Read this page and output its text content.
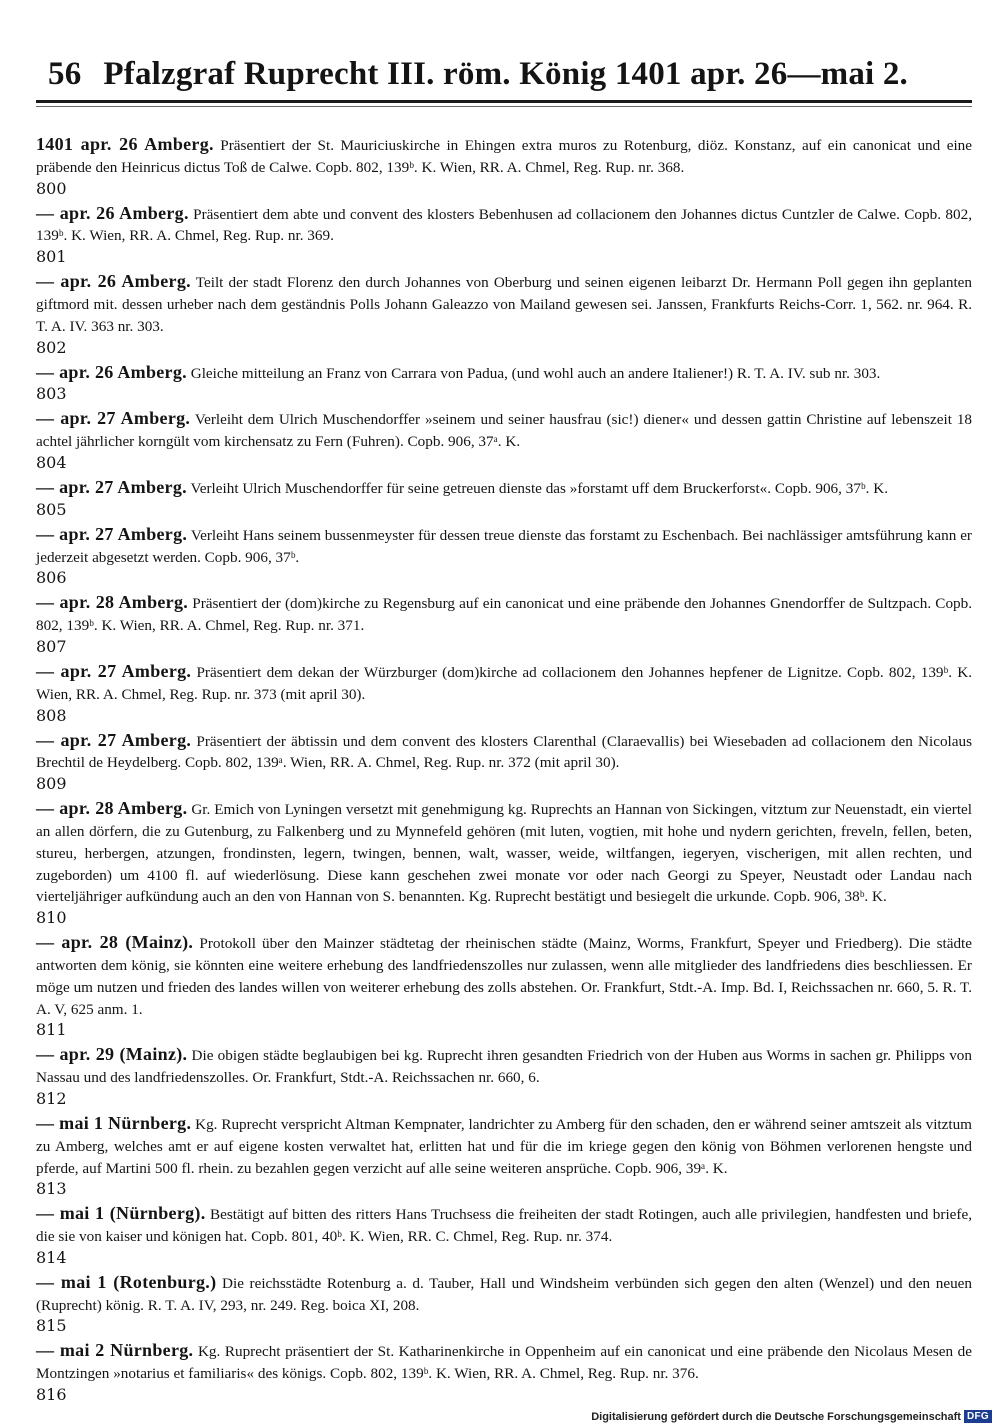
56 Pfalzgraf Ruprecht III. röm. König 1401 apr. 26—mai 2.
1401 apr. 26 Amberg. Präsentiert der St. Mauriciuskirche in Ehingen extra muros zu Rotenburg, diöz. Konstanz, auf ein canonicat und eine präbende den Heinricus dictus Toß de Calwe. Copb. 802, 139ᵇ. K. Wien, RR. A. Chmel, Reg. Rup. nr. 368.
800
— apr. 26 Amberg. Präsentiert dem abte und convent des klosters Bebenhusen ad collacionem den Johannes dictus Cuntzler de Calwe. Copb. 802, 139ᵇ. K. Wien, RR. A. Chmel, Reg. Rup. nr. 369.
801
— apr. 26 Amberg. Teilt der stadt Florenz den durch Johannes von Oberburg und seinen eigenen leibarzt Dr. Hermann Poll gegen ihn geplanten giftmord mit. dessen urheber nach dem geständnis Polls Johann Galeazzo von Mailand gewesen sei. Janssen, Frankfurts Reichs-Corr. 1, 562. nr. 964. R. T. A. IV. 363 nr. 303.
802
— apr. 26 Amberg. Gleiche mitteilung an Franz von Carrara von Padua, (und wohl auch an andere Italiener!) R. T. A. IV. sub nr. 303.
803
— apr. 27 Amberg. Verleiht dem Ulrich Muschendorffer »seinem und seiner hausfrau (sic!) diener« und dessen gattin Christine auf lebenszeit 18 achtel jährlicher korngült vom kirchensatz zu Fern (Fuhren). Copb. 906, 37ᵃ. K.
804
— apr. 27 Amberg. Verleiht Ulrich Muschendorffer für seine getreuen dienste das »forstamt uff dem Bruckerforst«. Copb. 906, 37ᵇ. K.
805
— apr. 27 Amberg. Verleiht Hans seinem bussenmeyster für dessen treue dienste das forstamt zu Eschenbach. Bei nachlässiger amtsführung kann er jederzeit abgesetzt werden. Copb. 906, 37ᵇ.
806
— apr. 28 Amberg. Präsentiert der (dom)kirche zu Regensburg auf ein canonicat und eine präbende den Johannes Gnendorffer de Sultzpach. Copb. 802, 139ᵇ. K. Wien, RR. A. Chmel, Reg. Rup. nr. 371.
807
— apr. 27 Amberg. Präsentiert dem dekan der Würzburger (dom)kirche ad collacionem den Johannes hepfener de Lignitze. Copb. 802, 139ᵇ. K. Wien, RR. A. Chmel, Reg. Rup. nr. 373 (mit april 30).
808
— apr. 27 Amberg. Präsentiert der äbtissin und dem convent des klosters Clarenthal (Claraevallis) bei Wiesebaden ad collacionem den Nicolaus Brechtil de Heydelberg. Copb. 802, 139ᵃ. Wien, RR. A. Chmel, Reg. Rup. nr. 372 (mit april 30).
809
— apr. 28 Amberg. Gr. Emich von Lyningen versetzt mit genehmigung kg. Ruprechts an Hannan von Sickingen, vitztum zur Neuenstadt, ein viertel an allen dörfern, die zu Gutenburg, zu Falkenberg und zu Mynnefeld gehören (mit luten, vogtien, mit hohe und nydern gerichten, freveln, fellen, beten, stureu, herbergen, atzungen, frondinsten, legern, twingen, bennen, walt, wasser, weide, wiltfangen, iegeryen, vischerigen, mit allen rechten, und zugeborden) um 4100 fl. auf wiederlösung. Diese kann geschehen zwei monate vor oder nach Georgi zu Speyer, Neustadt oder Landau nach vierteljähriger aufkündung auch an den von Hannan von S. benannten. Kg. Ruprecht bestätigt und besiegelt die urkunde. Copb. 906, 38ᵇ. K.
810
— apr. 28 (Mainz). Protokoll über den Mainzer städtetag der rheinischen städte (Mainz, Worms, Frankfurt, Speyer und Friedberg). Die städte antworten dem könig, sie könnten eine weitere erhebung des landfriedenszolles nur zulassen, wenn alle mitglieder des landfriedens dies beschliessen. Er möge um nutzen und frieden des landes willen von weiterer erhebung des zolls abstehen. Or. Frankfurt, Stdt.-A. Imp. Bd. I, Reichssachen nr. 660, 5. R. T. A. V, 625 anm. 1.
811
— apr. 29 (Mainz). Die obigen städte beglaubigen bei kg. Ruprecht ihren gesandten Friedrich von der Huben aus Worms in sachen gr. Philipps von Nassau und des landfriedenszolles. Or. Frankfurt, Stdt.-A. Reichssachen nr. 660, 6.
812
— mai 1 Nürnberg. Kg. Ruprecht verspricht Altman Kempnater, landrichter zu Amberg für den schaden, den er während seiner amtszeit als vitztum zu Amberg, welches amt er auf eigene kosten verwaltet hat, erlitten hat und für die im kriege gegen den könig von Böhmen verlorenen hengste und pferde, auf Martini 500 fl. rhein. zu bezahlen gegen verzicht auf alle seine weiteren ansprüche. Copb. 906, 39ᵃ. K.
813
— mai 1 (Nürnberg). Bestätigt auf bitten des ritters Hans Truchsess die freiheiten der stadt Rotingen, auch alle privilegien, handfesten und briefe, die sie von kaiser und königen hat. Copb. 801, 40ᵇ. K. Wien, RR. C. Chmel, Reg. Rup. nr. 374.
814
— mai 1 (Rotenburg.) Die reichsstädte Rotenburg a. d. Tauber, Hall und Windsheim verbünden sich gegen den alten (Wenzel) und den neuen (Ruprecht) könig. R. T. A. IV, 293, nr. 249. Reg. boica XI, 208.
815
— mai 2 Nürnberg. Kg. Ruprecht präsentiert der St. Katharinenkirche in Oppenheim auf ein canonicat und eine präbende den Nicolaus Mesen de Montzingen »notarius et familiaris« des königs. Copb. 802, 139ᵇ. K. Wien, RR. A. Chmel, Reg. Rup. nr. 376.
816
Digitalisierung gefördert durch die Deutsche Forschungsgemeinschaft DFG
